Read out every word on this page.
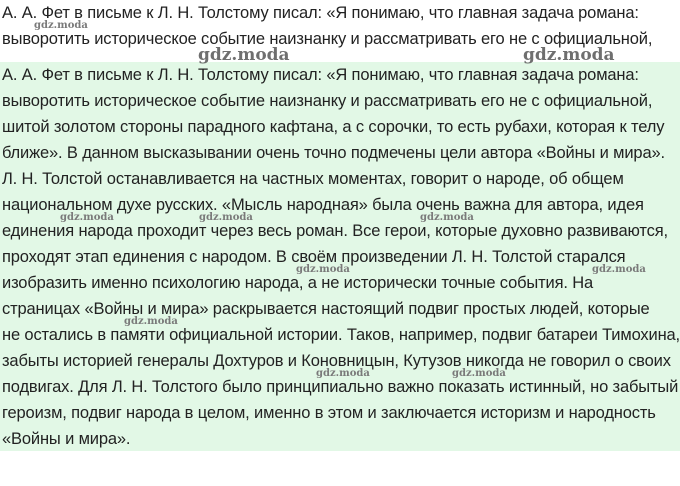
А. А. Фет в письме к Л. Н. Толстому писал: «Я понимаю, что главная задача романа:
выворотить историческое событие наизнанку и рассматривать его не с официальной,
А. А. Фет в письме к Л. Н. Толстому писал: «Я понимаю, что главная задача романа:
выворотить историческое событие наизнанку и рассматривать его не с официальной,
шитой золотом стороны парадного кафтана, а с сорочки, то есть рубахи, которая к телу
ближе». В данном высказывании очень точно подмечены цели автора «Войны и мира».
Л. Н. Толстой останавливается на частных моментах, говорит о народе, об общем
национальном духе русских. «Мысль народная» была очень важна для автора, идея
единения народа проходит через весь роман. Все герои, которые духовно развиваются,
проходят этап единения с народом. В своём произведении Л. Н. Толстой старался
изобразить именно психологию народа, а не исторически точные события. На
страницах «Войны и мира» раскрывается настоящий подвиг простых людей, которые
не остались в памяти официальной истории. Таков, например, подвиг батареи Тимохина,
забыты историей генералы Дохтуров и Коновницын, Кутузов никогда не говорил о своих
подвигах. Для Л. Н. Толстого было принципиально важно показать истинный, но забытый
героизм, подвиг народа в целом, именно в этом и заключается историзм и народность
«Войны и мира».
gdz.moda
gdz.moda	gdz.moda
gdz.moda	gdz.moda	gdz.moda
gdz.moda	gdz.moda
gdz.moda
gdz.moda	gdz.moda
